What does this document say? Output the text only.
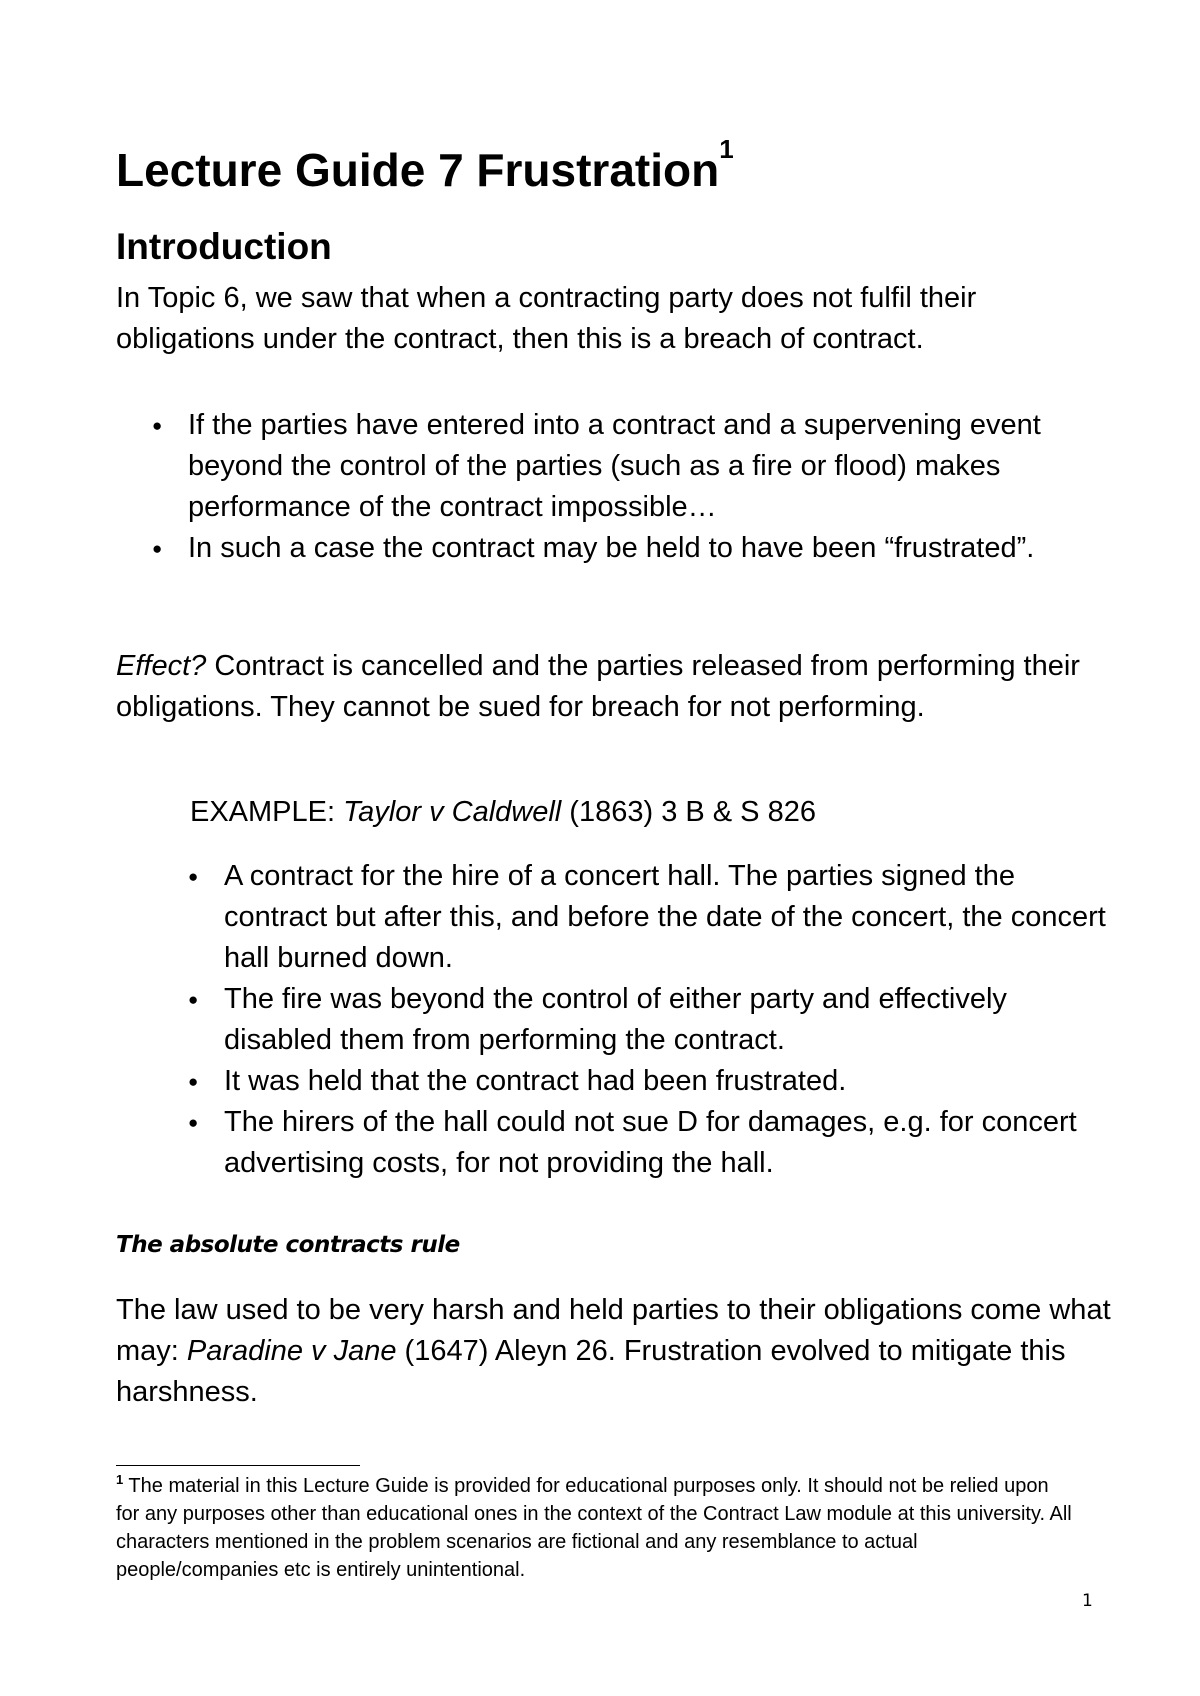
Lecture Guide 7 Frustration$^1$
Introduction

In Topic 6, we saw that when a contracting party does not fulfil their obligations under the contract, then this is a breach of contract.

● If the parties have entered into a contract and a supervening event beyond the control of the parties (such as a fire or flood) makes performance of the contract impossible…
● In such a case the contract may be held to have been “frustrated”.

Effect? Contract is cancelled and the parties released from performing their obligations. They cannot be sued for breach for not performing.

EXAMPLE: Taylor v Caldwell (1863) 3 B & S 826

● A contract for the hire of a concert hall. The parties signed the contract but after this, and before the date of the concert, the concert hall burned down.
● The fire was beyond the control of either party and effectively disabled them from performing the contract.
● It was held that the contract had been frustrated.
● The hirers of the hall could not sue D for damages, e.g. for concert advertising costs, for not providing the hall.
The absolute contracts rule

The law used to be very harsh and held parties to their obligations come what may: Paradine v Jane (1647) Aleyn 26. Frustration evolved to mitigate this harshness.

$^1$ The material in this Lecture Guide is provided for educational purposes only. It should not be relied upon for any purposes other than educational ones in the context of the Contract Law module at this university. All characters mentioned in the problem scenarios are fictional and any resemblance to actual people/companies etc is entirely unintentional.

1
